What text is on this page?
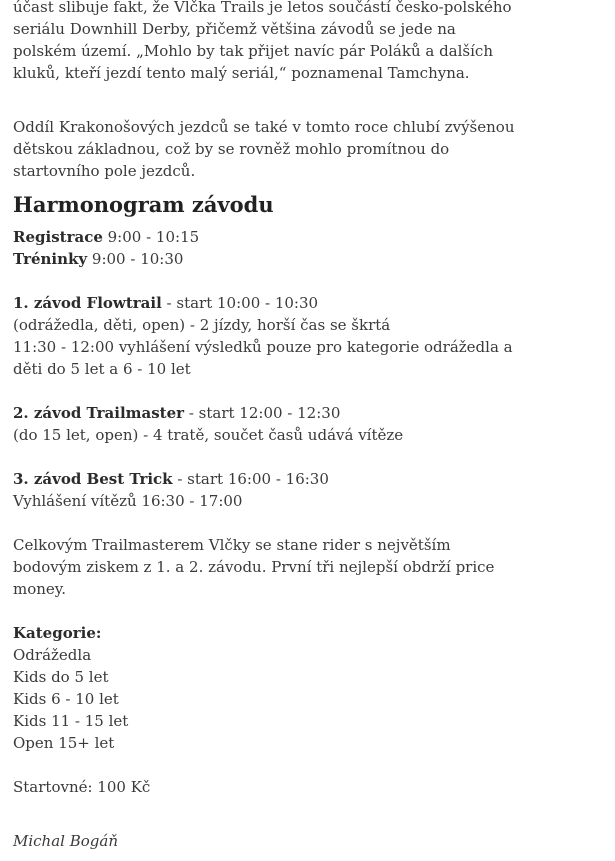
účast slibuje fakt, že Vlčka Trails je letos součástí česko-polského
seriálu Downhill Derby, přičemž většina závodů se jede na
polském území. „Mohlo by tak přijet navíc pár Poláků a dalších
kluků, kteří jezdí tento malý seriál,“ poznamenal Tamchyna.

Oddíl Krakonošových jezdců se také v tomto roce chlubí zvýšenou
dětskou základnou, což by se rovněž mohlo promítnou do
startovního pole jezdců.

Harmonogram závodu

Registrace 9:00 - 10:15
Tréninky 9:00 - 10:30

1. závod Flowtrail - start 10:00 - 10:30
(odrážedla, děti, open) - 2 jízdy, horší čas se škrtá
11:30 - 12:00 vyhlášení výsledků pouze pro kategorie odrážedla a
děti do 5 let a 6 - 10 let

2. závod Trailmaster - start 12:00 - 12:30
(do 15 let, open) - 4 tratě, součet časů udává vítěze

3. závod Best Trick - start 16:00 - 16:30
Vyhlášení vítězů 16:30 - 17:00

Celkovým Trailmasterem Vlčky se stane rider s největším
bodovým ziskem z 1. a 2. závodu. První tři nejlepší obdrží price
money.

Kategorie:
Odrážedla
Kids do 5 let
Kids 6 - 10 let
Kids 11 - 15 let
Open 15+ let

Startovné: 100 Kč

Michal Bogáň
